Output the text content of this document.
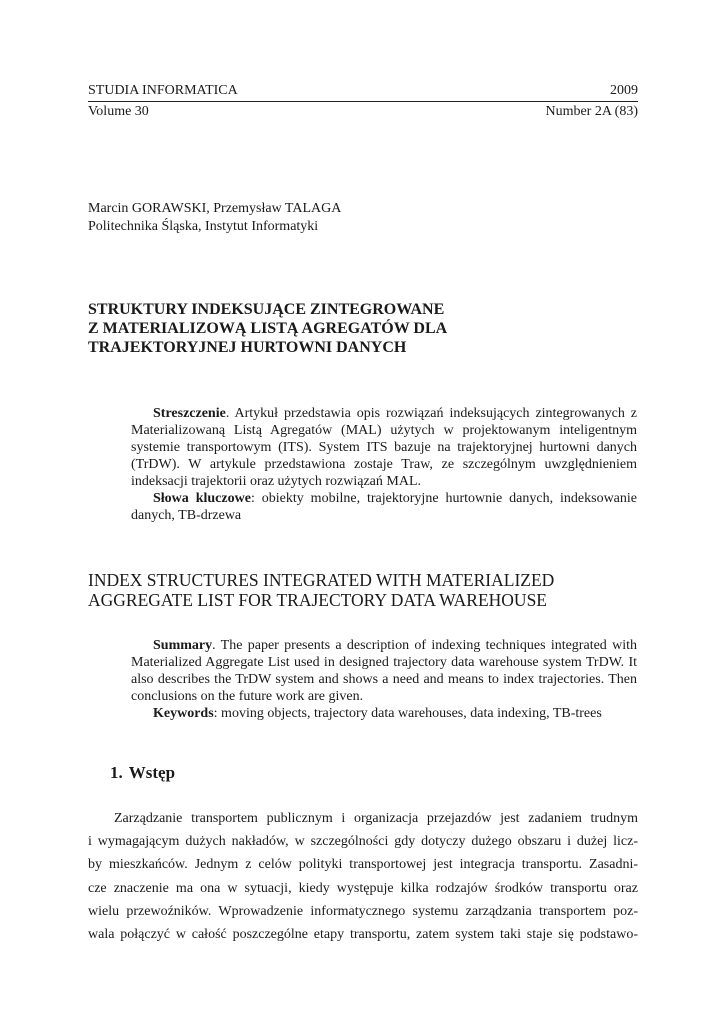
STUDIA INFORMATICA	2009
Volume 30	Number 2A (83)
Marcin GORAWSKI, Przemysław TALAGA
Politechnika Śląska, Instytut Informatyki
STRUKTURY INDEKSUJĄCE ZINTEGROWANE
Z MATERIALIZOWĄ LISTĄ AGREGATÓW DLA
TRAJEKTORYJNEJ HURTOWNI DANYCH

Streszczenie. Artykuł przedstawia opis rozwiązań indeksujących zintegrowanych z Materializowaną Listą Agregatów (MAL) użytych w projektowanym inteligentnym systemie transportowym (ITS). System ITS bazuje na trajektoryjnej hurtowni danych (TrDW). W artykule przedstawiona zostaje Traw, ze szczególnym uwzględnieniem indeksacji trajektorii oraz użytych rozwiązań MAL.

Słowa kluczowe: obiekty mobilne, trajektoryjne hurtownie danych, indeksowanie danych, TB-drzewa

INDEX STRUCTURES INTEGRATED WITH MATERIALIZED
AGGREGATE LIST FOR TRAJECTORY DATA WAREHOUSE

Summary. The paper presents a description of indexing techniques integrated with Materialized Aggregate List used in designed trajectory data warehouse system TrDW. It also describes the TrDW system and shows a need and means to index trajectories. Then conclusions on the future work are given.

Keywords: moving objects, trajectory data warehouses, data indexing, TB-trees

1. Wstęp
Zarządzanie transportem publicznym i organizacja przejazdów jest zadaniem trudnym
i wymagającym dużych nakładów, w szczególności gdy dotyczy dużego obszaru i dużej licz-
by mieszkańców. Jednym z celów polityki transportowej jest integracja transportu. Zasadni-
cze znaczenie ma ona w sytuacji, kiedy występuje kilka rodzajów środków transportu oraz
wielu przewoźników. Wprowadzenie informatycznego systemu zarządzania transportem poz-
wala połączyć w całość poszczególne etapy transportu, zatem system taki staje się podstawo-
